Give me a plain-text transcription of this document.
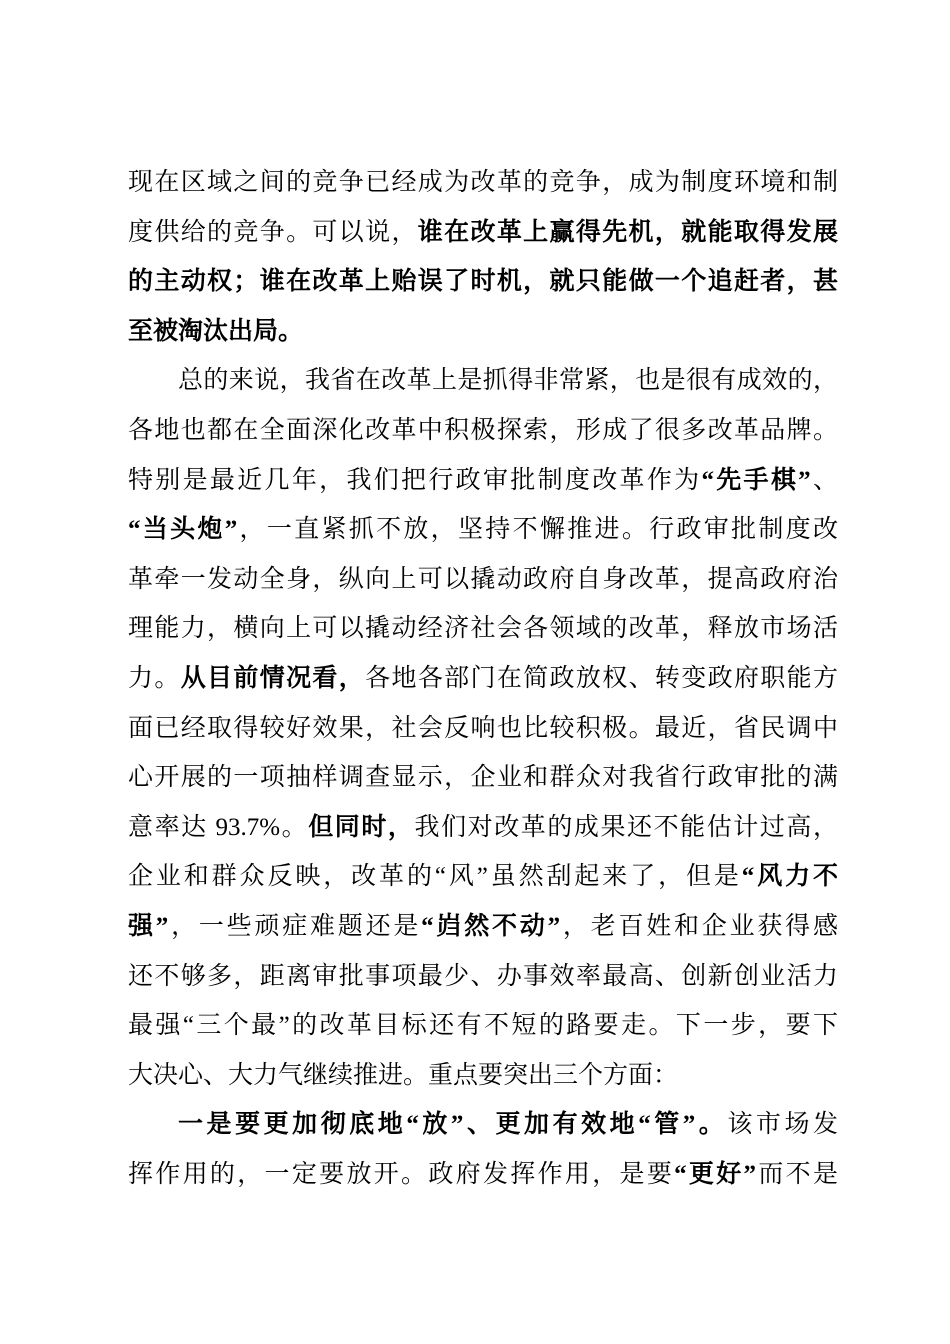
现在区域之间的竞争已经成为改革的竞争，成为制度环境和制
度供给的竞争。可以说，谁在改革上赢得先机，就能取得发展
的主动权；谁在改革上贻误了时机，就只能做一个追赶者，甚
至被淘汰出局。
总的来说，我省在改革上是抓得非常紧，也是很有成效的，
各地也都在全面深化改革中积极探索，形成了很多改革品牌。
特别是最近几年，我们把行政审批制度改革作为“先手棋”、
“当头炮”，一直紧抓不放，坚持不懈推进。行政审批制度改
革牵一发动全身，纵向上可以撬动政府自身改革，提高政府治
理能力，横向上可以撬动经济社会各领域的改革，释放市场活
力。从目前情况看，各地各部门在简政放权、转变政府职能方
面已经取得较好效果，社会反响也比较积极。最近，省民调中
心开展的一项抽样调查显示，企业和群众对我省行政审批的满
意率达 93.7%。但同时，我们对改革的成果还不能估计过高，
企业和群众反映，改革的“风”虽然刮起来了，但是“风力不
强”，一些顽症难题还是“岿然不动”，老百姓和企业获得感
还不够多，距离审批事项最少、办事效率最高、创新创业活力
最强“三个最”的改革目标还有不短的路要走。下一步，要下
大决心、大力气继续推进。重点要突出三个方面：
一是要更加彻底地“放”、更加有效地“管”。该市场发
挥作用的，一定要放开。政府发挥作用，是要“更好”而不是
